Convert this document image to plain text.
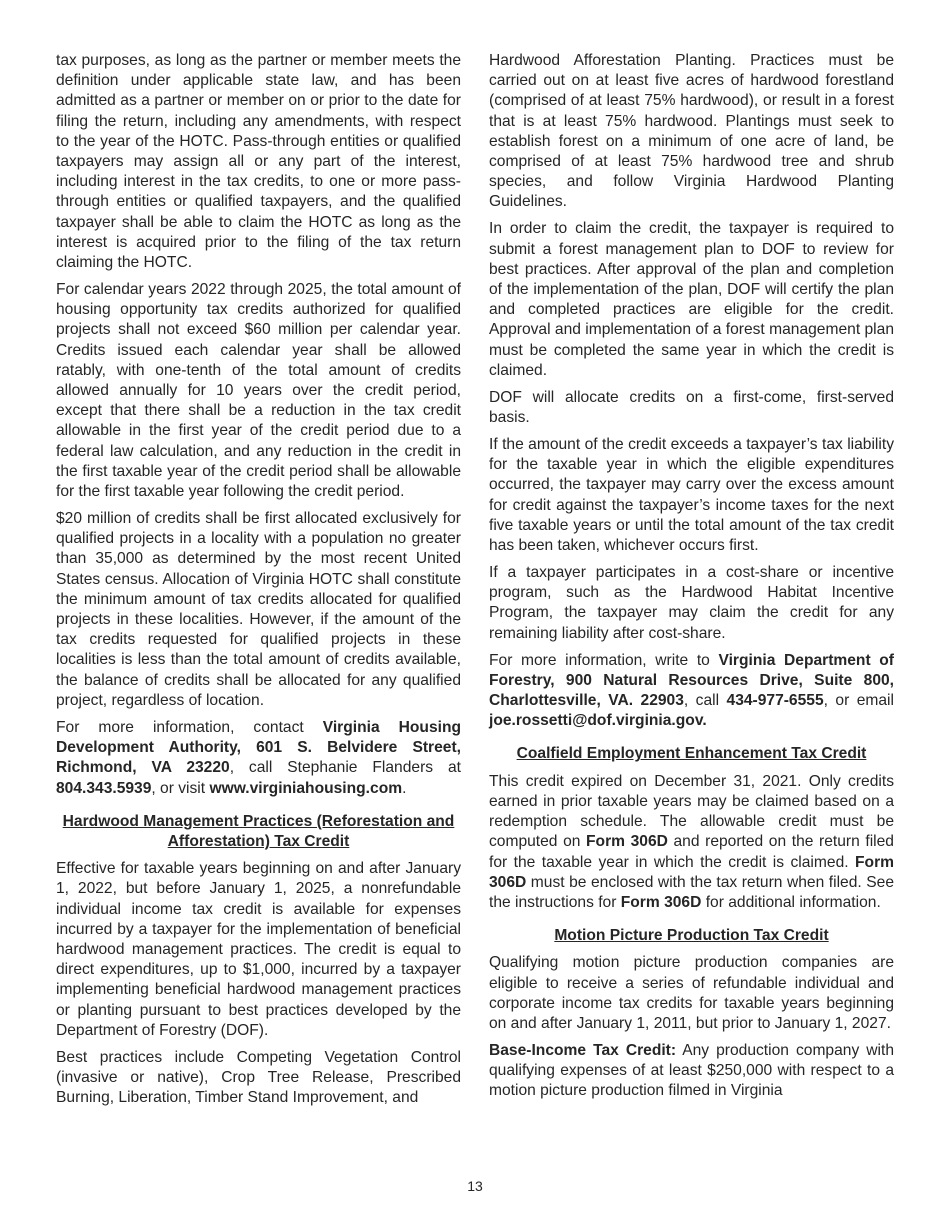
tax purposes, as long as the partner or member meets the definition under applicable state law, and has been admitted as a partner or member on or prior to the date for filing the return, including any amendments, with respect to the year of the HOTC. Pass-through entities or qualified taxpayers may assign all or any part of the interest, including interest in the tax credits, to one or more pass-through entities or qualified taxpayers, and the qualified taxpayer shall be able to claim the HOTC as long as the interest is acquired prior to the filing of the tax return claiming the HOTC.

For calendar years 2022 through 2025, the total amount of housing opportunity tax credits authorized for qualified projects shall not exceed $60 million per calendar year. Credits issued each calendar year shall be allowed ratably, with one-tenth of the total amount of credits allowed annually for 10 years over the credit period, except that there shall be a reduction in the tax credit allowable in the first year of the credit period due to a federal law calculation, and any reduction in the credit in the first taxable year of the credit period shall be allowable for the first taxable year following the credit period.

$20 million of credits shall be first allocated exclusively for qualified projects in a locality with a population no greater than 35,000 as determined by the most recent United States census. Allocation of Virginia HOTC shall constitute the minimum amount of tax credits allocated for qualified projects in these localities. However, if the amount of the tax credits requested for qualified projects in these localities is less than the total amount of credits available, the balance of credits shall be allocated for any qualified project, regardless of location.

For more information, contact Virginia Housing Development Authority, 601 S. Belvidere Street, Richmond, VA 23220, call Stephanie Flanders at 804.343.5939, or visit www.virginiahousing.com.

Hardwood Management Practices (Reforestation and Afforestation) Tax Credit

Effective for taxable years beginning on and after January 1, 2022, but before January 1, 2025, a nonrefundable individual income tax credit is available for expenses incurred by a taxpayer for the implementation of beneficial hardwood management practices. The credit is equal to direct expenditures, up to $1,000, incurred by a taxpayer implementing beneficial hardwood management practices or planting pursuant to best practices developed by the Department of Forestry (DOF).

Best practices include Competing Vegetation Control (invasive or native), Crop Tree Release, Prescribed Burning, Liberation, Timber Stand Improvement, and

Hardwood Afforestation Planting. Practices must be carried out on at least five acres of hardwood forestland (comprised of at least 75% hardwood), or result in a forest that is at least 75% hardwood. Plantings must seek to establish forest on a minimum of one acre of land, be comprised of at least 75% hardwood tree and shrub species, and follow Virginia Hardwood Planting Guidelines.

In order to claim the credit, the taxpayer is required to submit a forest management plan to DOF to review for best practices. After approval of the plan and completion of the implementation of the plan, DOF will certify the plan and completed practices are eligible for the credit. Approval and implementation of a forest management plan must be completed the same year in which the credit is claimed.

DOF will allocate credits on a first-come, first-served basis.

If the amount of the credit exceeds a taxpayer’s tax liability for the taxable year in which the eligible expenditures occurred, the taxpayer may carry over the excess amount for credit against the taxpayer’s income taxes for the next five taxable years or until the total amount of the tax credit has been taken, whichever occurs first.

If a taxpayer participates in a cost-share or incentive program, such as the Hardwood Habitat Incentive Program, the taxpayer may claim the credit for any remaining liability after cost-share.

For more information, write to Virginia Department of Forestry, 900 Natural Resources Drive, Suite 800, Charlottesville, VA. 22903, call 434-977-6555, or email joe.rossetti@dof.virginia.gov.

Coalfield Employment Enhancement Tax Credit

This credit expired on December 31, 2021. Only credits earned in prior taxable years may be claimed based on a redemption schedule. The allowable credit must be computed on Form 306D and reported on the return filed for the taxable year in which the credit is claimed. Form 306D must be enclosed with the tax return when filed. See the instructions for Form 306D for additional information.

Motion Picture Production Tax Credit

Qualifying motion picture production companies are eligible to receive a series of refundable individual and corporate income tax credits for taxable years beginning on and after January 1, 2011, but prior to January 1, 2027.

Base-Income Tax Credit: Any production company with qualifying expenses of at least $250,000 with respect to a motion picture production filmed in Virginia

13
